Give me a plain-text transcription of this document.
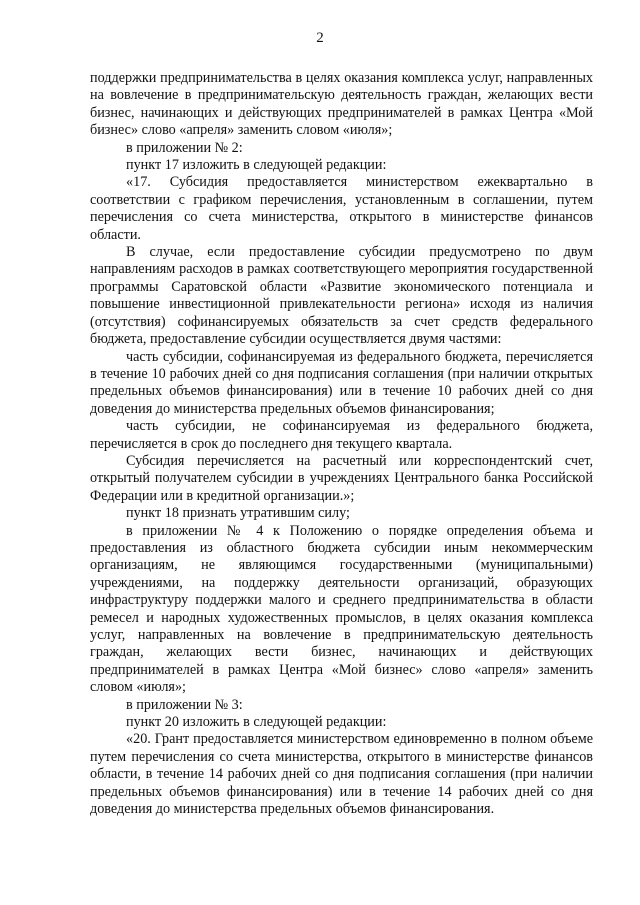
2

поддержки предпринимательства в целях оказания комплекса услуг, направленных на вовлечение в предпринимательскую деятельность граждан, желающих вести бизнес, начинающих и действующих предпринимателей в рамках Центра «Мой бизнес» слово «апреля» заменить словом «июля»;

в приложении № 2:

пункт 17 изложить в следующей редакции:

«17. Субсидия предоставляется министерством ежеквартально в соответствии с графиком перечисления, установленным в соглашении, путем перечисления со счета министерства, открытого в министерстве финансов области.

В случае, если предоставление субсидии предусмотрено по двум направлениям расходов в рамках соответствующего мероприятия государственной программы Саратовской области «Развитие экономического потенциала и повышение инвестиционной привлекательности региона» исходя из наличия (отсутствия) софинансируемых обязательств за счет средств федерального бюджета, предоставление субсидии осуществляется двумя частями:

часть субсидии, софинансируемая из федерального бюджета, перечисляется в течение 10 рабочих дней со дня подписания соглашения (при наличии открытых предельных объемов финансирования) или в течение 10 рабочих дней со дня доведения до министерства предельных объемов финансирования;

часть субсидии, не софинансируемая из федерального бюджета, перечисляется в срок до последнего дня текущего квартала.

Субсидия перечисляется на расчетный или корреспондентский счет, открытый получателем субсидии в учреждениях Центрального банка Российской Федерации или в кредитной организации.»;

пункт 18 признать утратившим силу;

в приложении № 4 к Положению о порядке определения объема и предоставления из областного бюджета субсидии иным некоммерческим организациям, не являющимся государственными (муниципальными) учреждениями, на поддержку деятельности организаций, образующих инфраструктуру поддержки малого и среднего предпринимательства в области ремесел и народных художественных промыслов, в целях оказания комплекса услуг, направленных на вовлечение в предпринимательскую деятельность граждан, желающих вести бизнес, начинающих и действующих предпринимателей в рамках Центра «Мой бизнес» слово «апреля» заменить словом «июля»;

в приложении № 3:

пункт 20 изложить в следующей редакции:

«20. Грант предоставляется министерством единовременно в полном объеме путем перечисления со счета министерства, открытого в министерстве финансов области, в течение 14 рабочих дней со дня подписания соглашения (при наличии предельных объемов финансирования) или в течение 14 рабочих дней со дня доведения до министерства предельных объемов финансирования.
